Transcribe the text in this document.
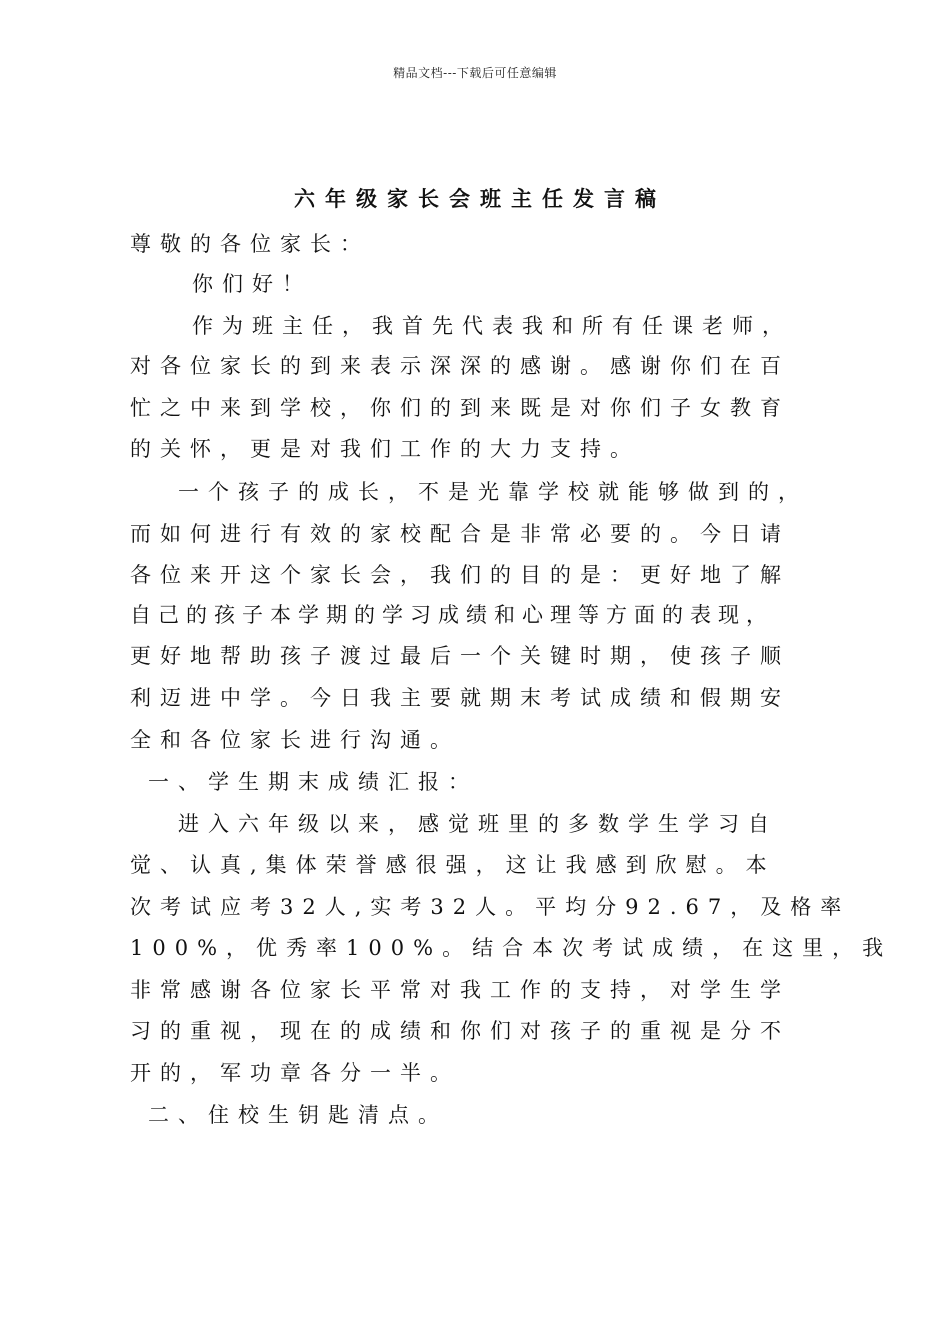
精品文档---下载后可任意编辑
六年级家长会班主任发言稿
尊敬的各位家长：
你们好！
作为班主任，我首先代表我和所有任课老师，
对各位家长的到来表示深深的感谢。感谢你们在百
忙之中来到学校，你们的到来既是对你们子女教育
的关怀，更是对我们工作的大力支持。
一个孩子的成长，不是光靠学校就能够做到的，
而如何进行有效的家校配合是非常必要的。今日请
各位来开这个家长会，我们的目的是：更好地了解
自己的孩子本学期的学习成绩和心理等方面的表现，
更好地帮助孩子渡过最后一个关键时期，使孩子顺
利迈进中学。今日我主要就期末考试成绩和假期安
全和各位家长进行沟通。
一、学生期末成绩汇报：
进入六年级以来，感觉班里的多数学生学习自
觉、认真,集体荣誉感很强，这让我感到欣慰。本
次考试应考32人,实考32人。平均分92.67，及格率
100%，优秀率100%。结合本次考试成绩，在这里，我
非常感谢各位家长平常对我工作的支持，对学生学
习的重视，现在的成绩和你们对孩子的重视是分不
开的，军功章各分一半。
二、住校生钥匙清点。
